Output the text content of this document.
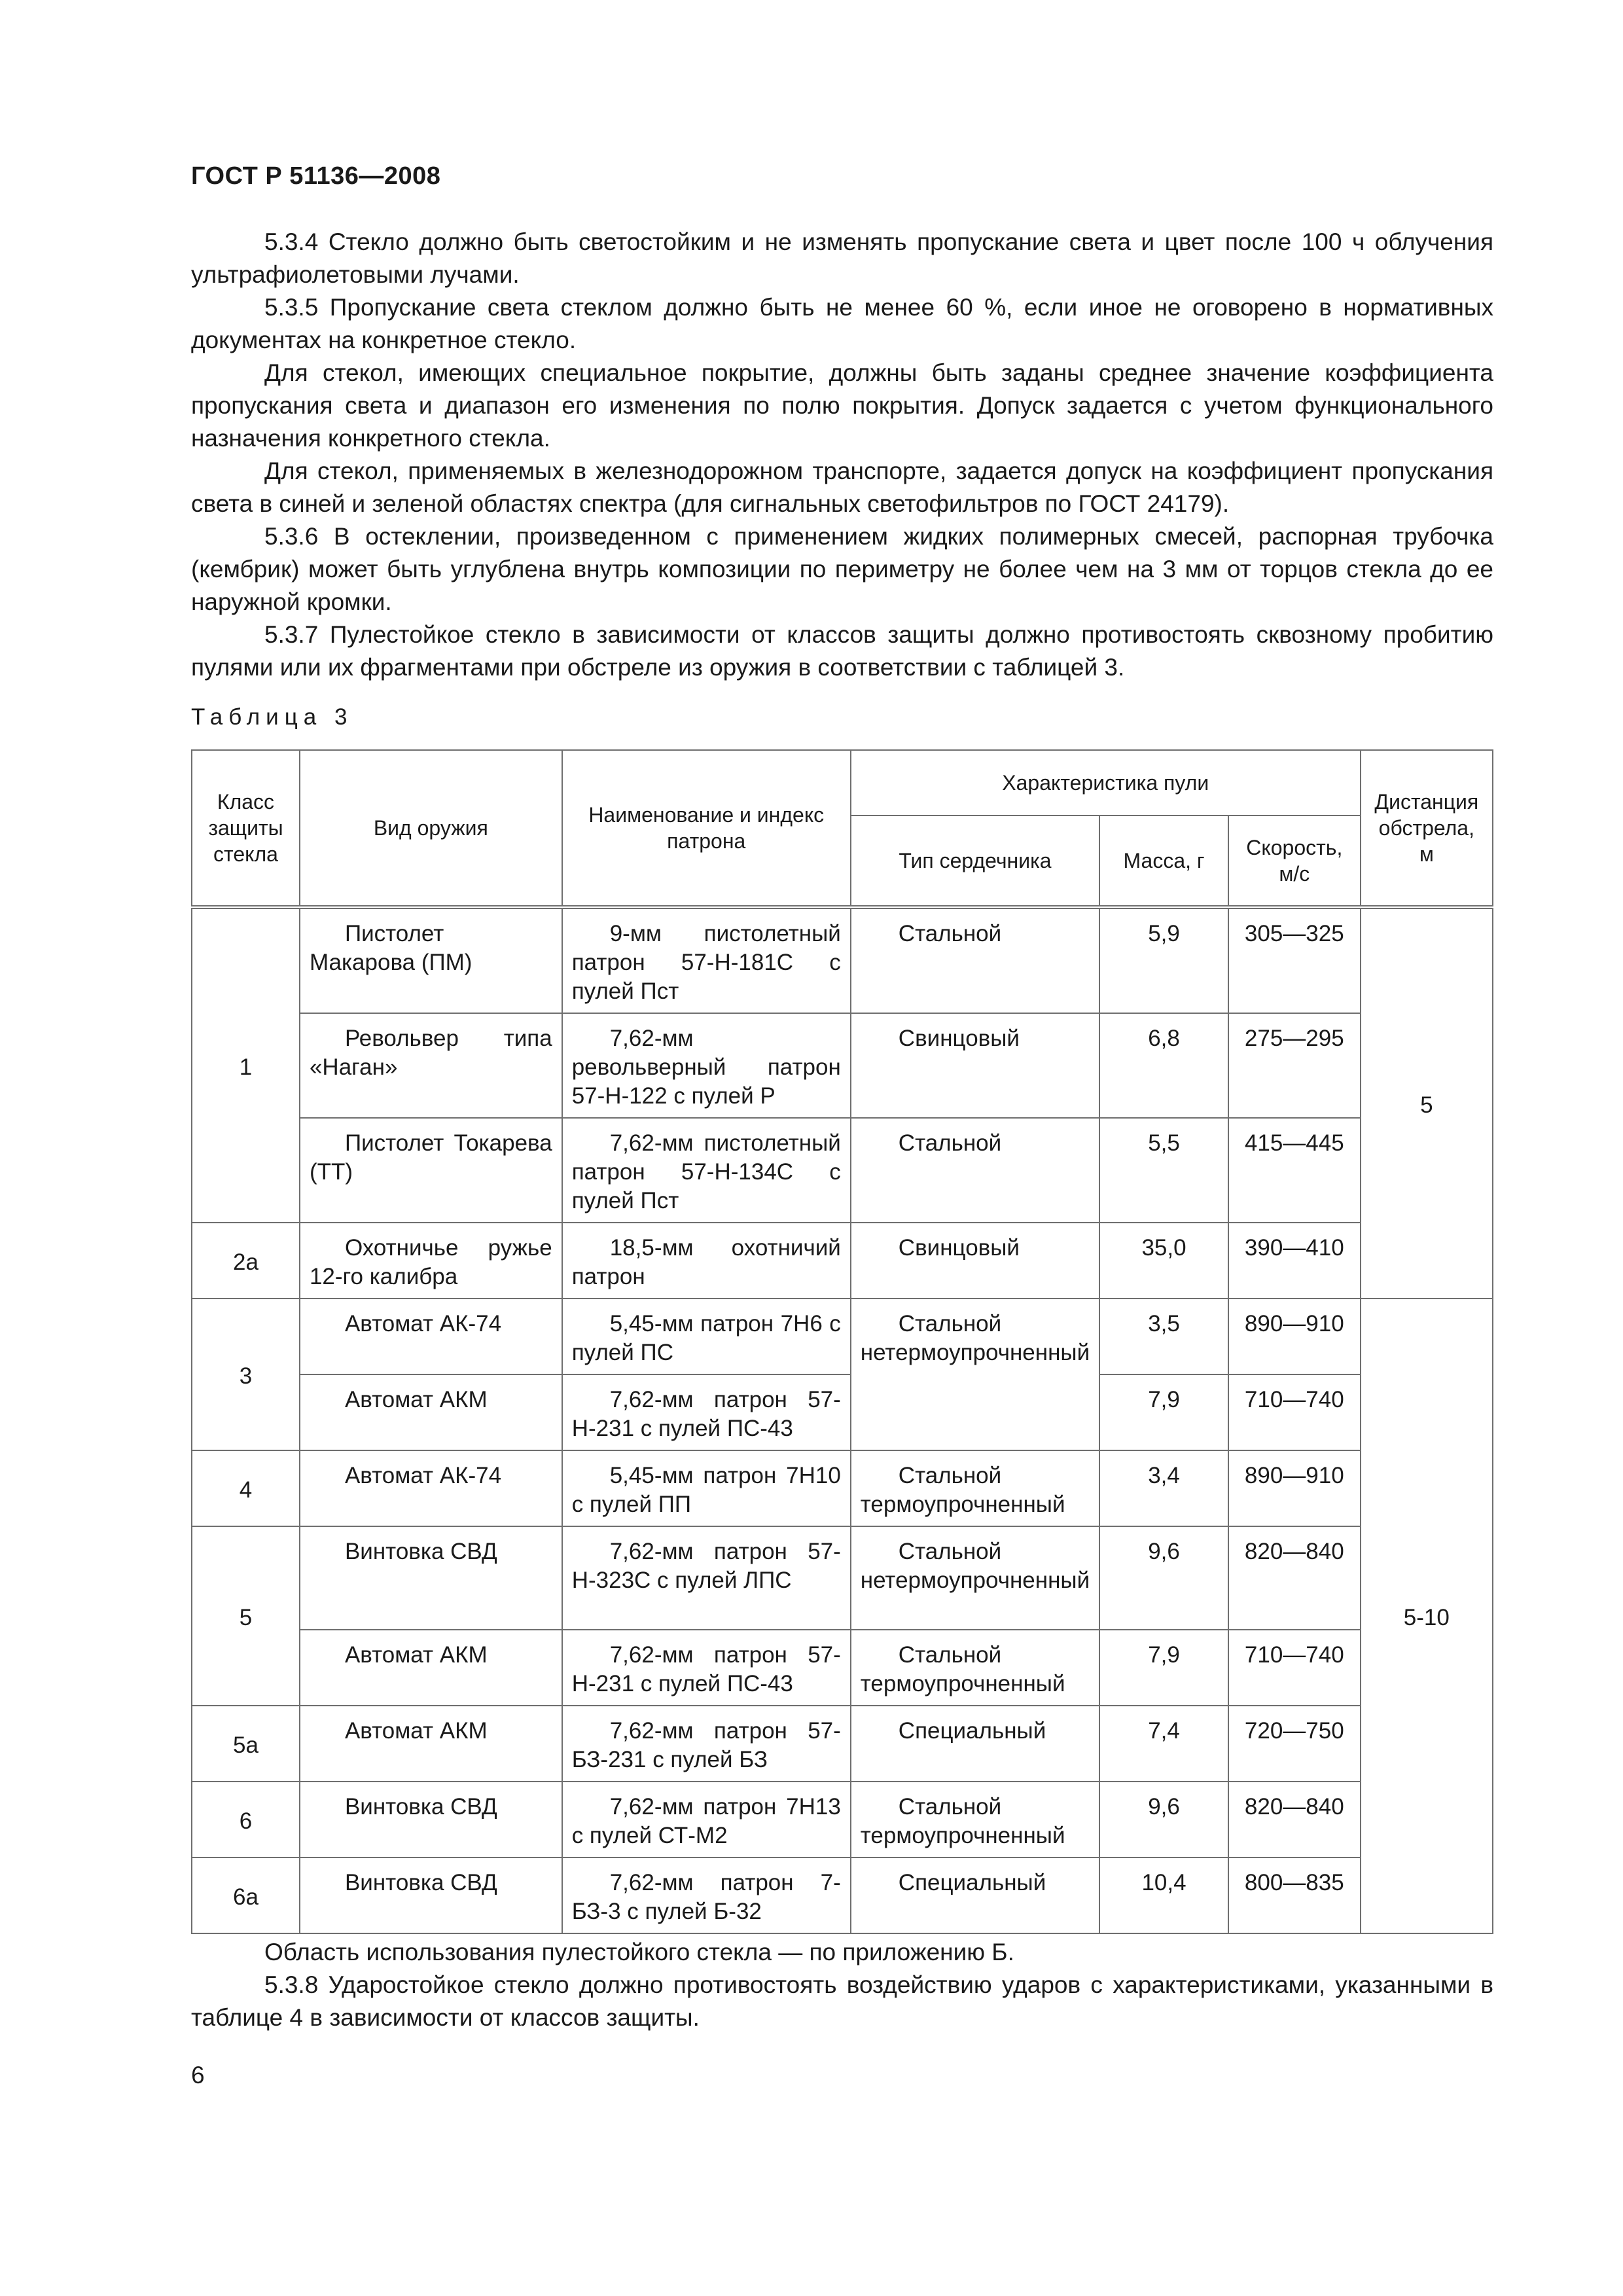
ГОСТ Р 51136—2008

5.3.4 Стекло должно быть светостойким и не изменять пропускание света и цвет после 100 ч облучения ультрафиолетовыми лучами.

5.3.5 Пропускание света стеклом должно быть не менее 60 %, если иное не оговорено в нормативных документах на конкретное стекло.

Для стекол, имеющих специальное покрытие, должны быть заданы среднее значение коэффициента пропускания света и диапазон его изменения по полю покрытия. Допуск задается с учетом функционального назначения конкретного стекла.

Для стекол, применяемых в железнодорожном транспорте, задается допуск на коэффициент пропускания света в синей и зеленой областях спектра (для сигнальных светофильтров по ГОСТ 24179).

5.3.6 В остеклении, произведенном с применением жидких полимерных смесей, распорная трубочка (кембрик) может быть углублена внутрь композиции по периметру не более чем на 3 мм от торцов стекла до ее наружной кромки.

5.3.7 Пулестойкое стекло в зависимости от классов защиты должно противостоять сквозному пробитию пулями или их фрагментами при обстреле из оружия в соответствии с таблицей 3.

Таблица 3
Класс защиты стекла	Вид оружия	Наименование и индекс патрона	Характеристика пули			Дистанция обстрела, м
			Тип сердечника	Масса, г	Скорость, м/с	
1	Пистолет Макарова (ПМ)	9-мм пистолетный патрон 57-Н-181С с пулей Пст	Стальной	5,9	305—325	5

	Револьвер типа «Наган»	7,62-мм револьверный патрон 57-Н-122 с пулей Р	Свинцовый	6,8	275—295	

	Пистолет Токарева (ТТ)	7,62-мм пистолетный патрон 57-Н-134С с пулей Пст	Стальной	5,5	415—445	
2а	Охотничье ружье 12-го калибра	18,5-мм охотничий патрон	Свинцовый	35,0	390—410	
3	Автомат АК-74	5,45-мм патрон 7Н6 с пулей ПС	Стальной нетермоупрочненный	3,5	890—910	5-10

	Автомат АКМ	7,62-мм патрон 57-Н-231 с пулей ПС-43		7,9	710—740	
4	Автомат АК-74	5,45-мм патрон 7Н10 с пулей ПП	Стальной термоупрочненный	3,4	890—910	
5	Винтовка СВД	7,62-мм патрон 57-Н-323С с пулей ЛПС	Стальной нетермоупрочненный	9,6	820—840	

	Автомат АКМ	7,62-мм патрон 57-Н-231 с пулей ПС-43	Стальной термоупрочненный	7,9	710—740	
5а	Автомат АКМ	7,62-мм патрон 57-БЗ-231 с пулей БЗ	Специальный	7,4	720—750	
6	Винтовка СВД	7,62-мм патрон 7Н13 с пулей СТ-М2	Стальной термоупрочненный	9,6	820—840	
6а	Винтовка СВД	7,62-мм патрон 7-БЗ-3 с пулей Б-32	Специальный	10,4	800—835	

Область использования пулестойкого стекла — по приложению Б.

5.3.8 Ударостойкое стекло должно противостоять воздействию ударов с характеристиками, указанными в таблице 4 в зависимости от классов защиты.

6
